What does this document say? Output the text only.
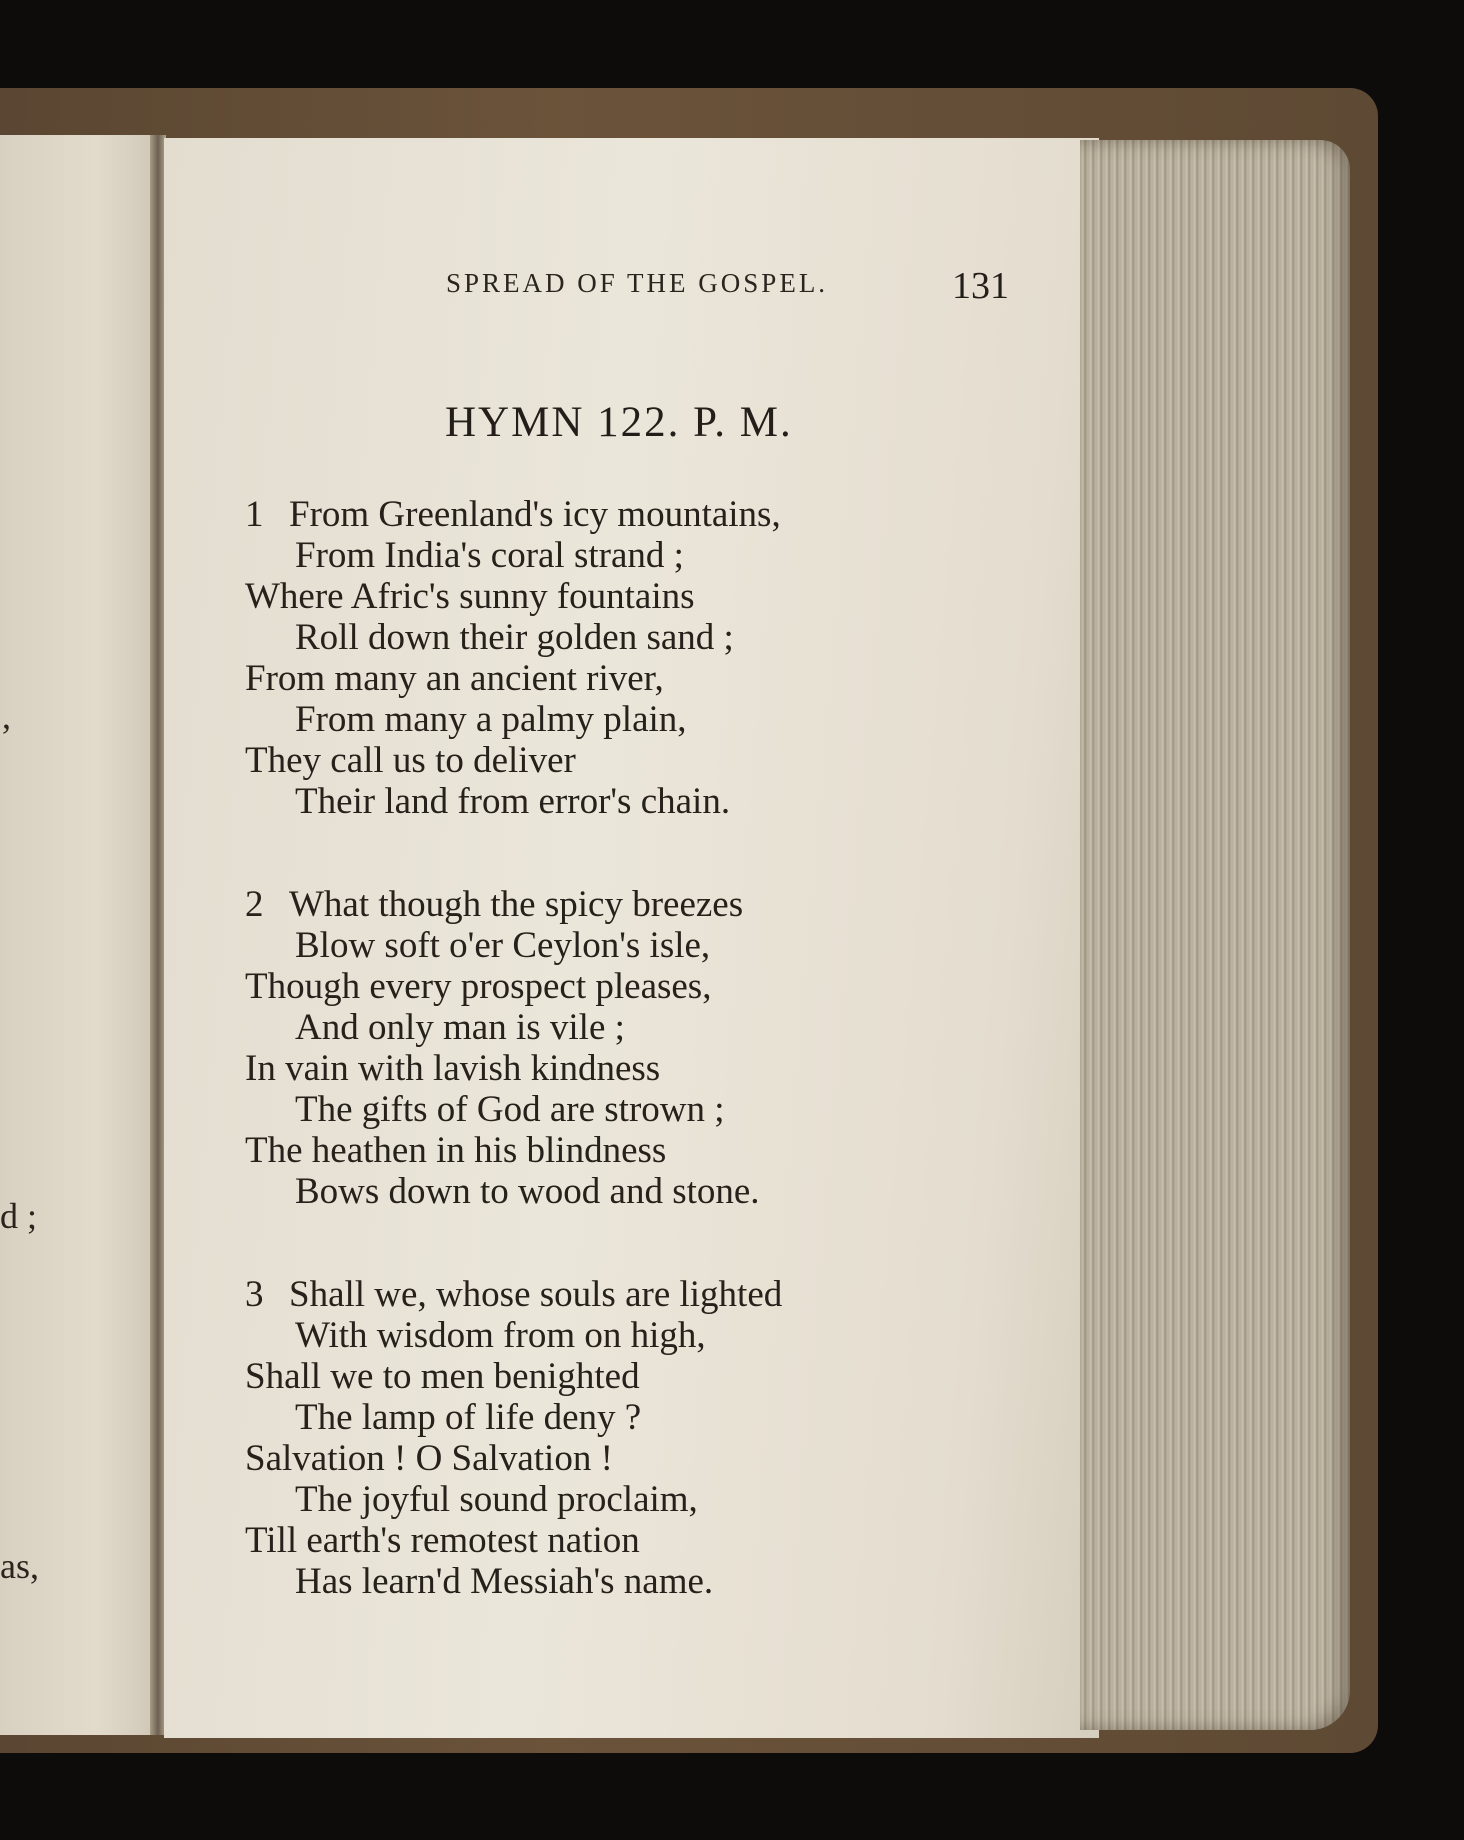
,
d ;
as,
SPREAD OF THE GOSPEL.	131
HYMN 122. P. M.
1 From Greenland's icy mountains,
From India's coral strand ;
Where Afric's sunny fountains
Roll down their golden sand ;
From many an ancient river,
From many a palmy plain,
They call us to deliver
Their land from error's chain.
2 What though the spicy breezes
Blow soft o'er Ceylon's isle,
Though every prospect pleases,
And only man is vile ;
In vain with lavish kindness
The gifts of God are strown ;
The heathen in his blindness
Bows down to wood and stone.
3 Shall we, whose souls are lighted
With wisdom from on high,
Shall we to men benighted
The lamp of life deny ?
Salvation ! O Salvation !
The joyful sound proclaim,
Till earth's remotest nation
Has learn'd Messiah's name.
